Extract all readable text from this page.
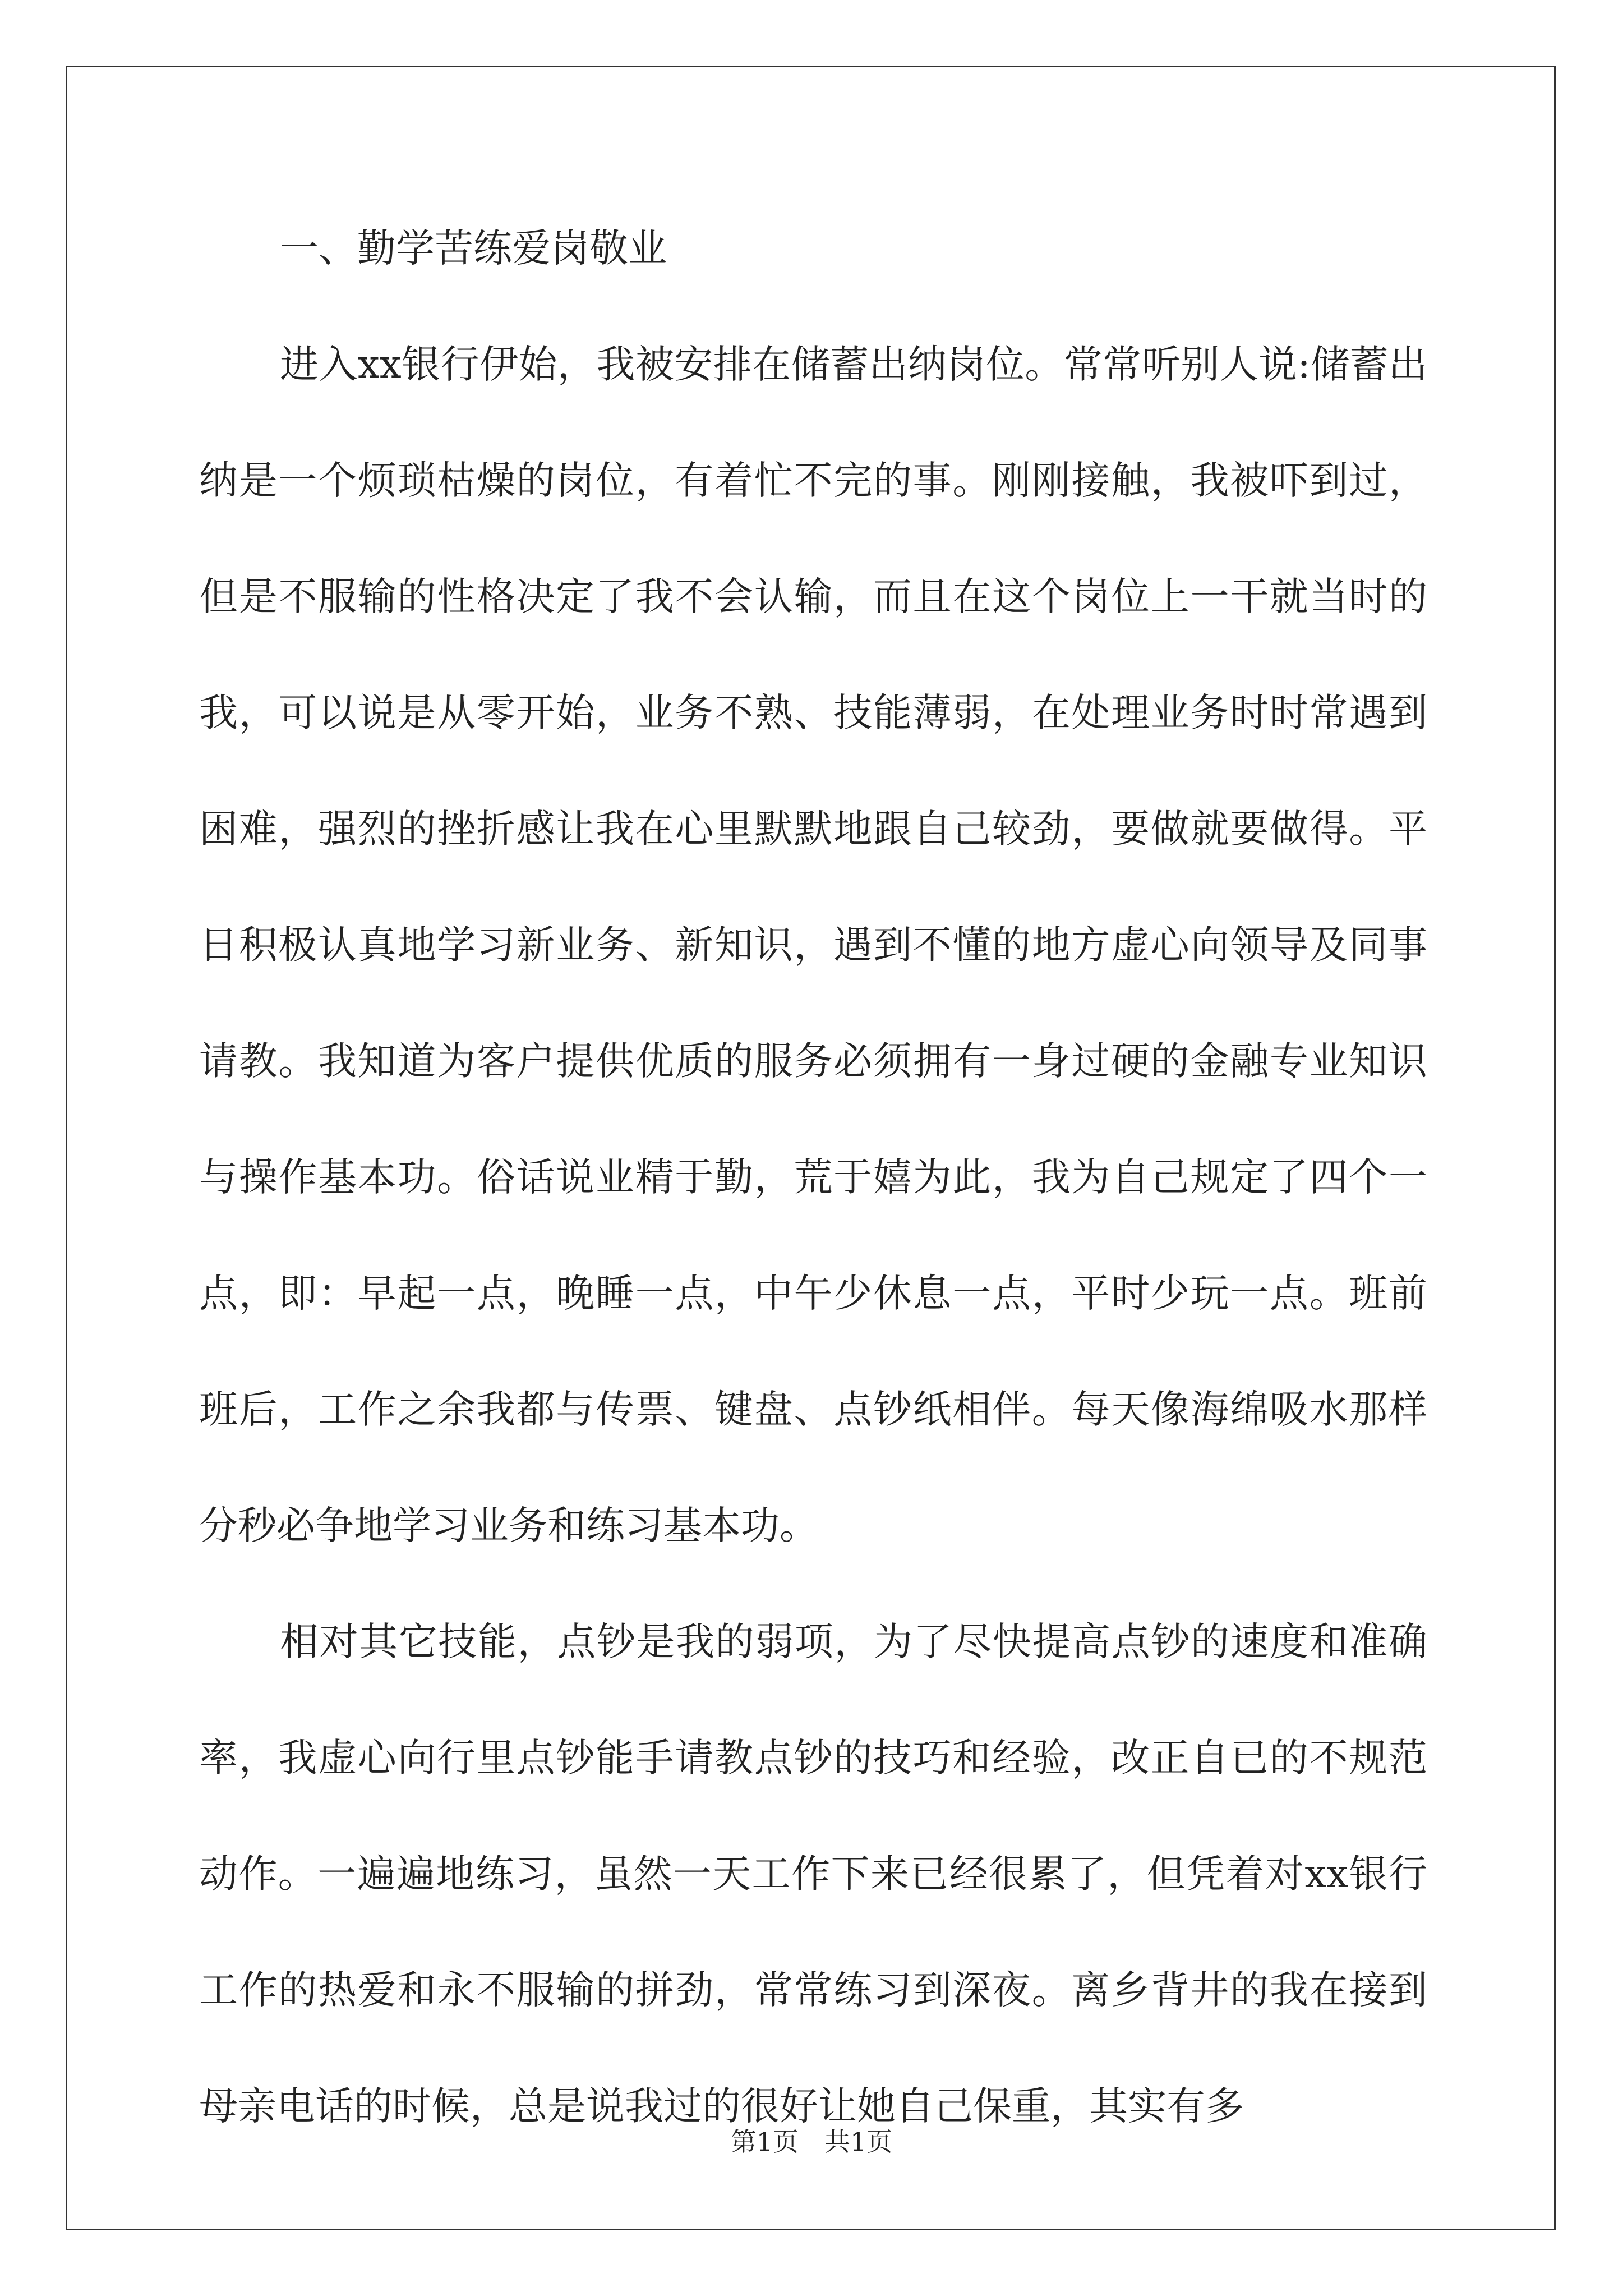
一、勤学苦练爱岗敬业

进入xx银行伊始，我被安排在储蓄出纳岗位。常常听别人说:储蓄出纳是一个烦琐枯燥的岗位，有着忙不完的事。刚刚接触，我被吓到过，但是不服输的性格决定了我不会认输，而且在这个岗位上一干就当时的我，可以说是从零开始，业务不熟、技能薄弱，在处理业务时时常遇到困难，强烈的挫折感让我在心里默默地跟自己较劲，要做就要做得。平日积极认真地学习新业务、新知识，遇到不懂的地方虚心向领导及同事请教。我知道为客户提供优质的服务必须拥有一身过硬的金融专业知识与操作基本功。俗话说业精于勤，荒于嬉为此，我为自己规定了四个一点，即：早起一点，晚睡一点，中午少休息一点，平时少玩一点。班前班后，工作之余我都与传票、键盘、点钞纸相伴。每天像海绵吸水那样分秒必争地学习业务和练习基本功。

相对其它技能，点钞是我的弱项，为了尽快提高点钞的速度和准确率，我虚心向行里点钞能手请教点钞的技巧和经验，改正自已的不规范动作。一遍遍地练习，虽然一天工作下来已经很累了，但凭着对xx银行工作的热爱和永不服输的拼劲，常常练习到深夜。离乡背井的我在接到母亲电话的时候，总是说我过的很好让她自己保重，其实有多

第1页 共1页
